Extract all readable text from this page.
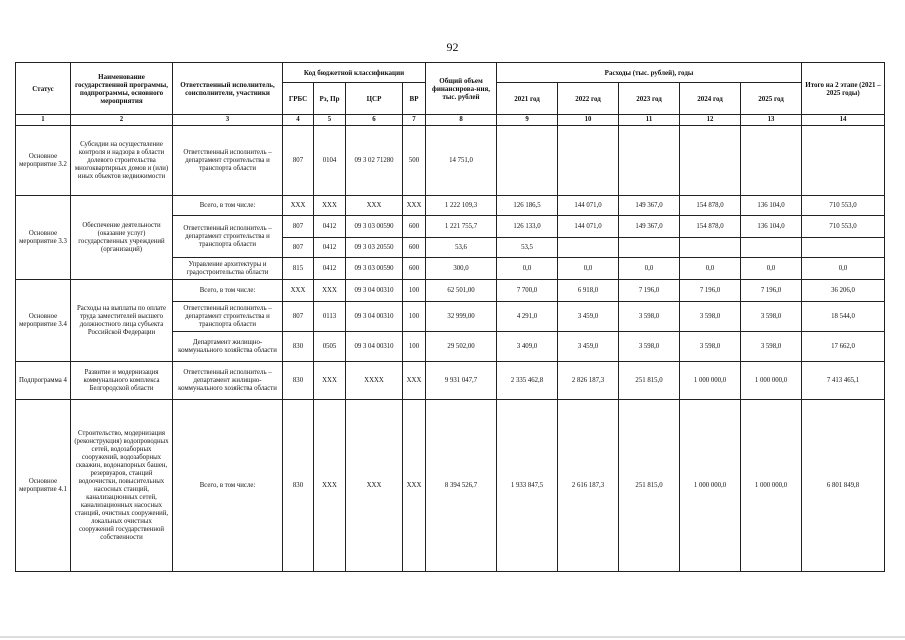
92
Статус	Наименование государственной программы, подпрограммы, основного мероприятия	Ответственный исполнитель, соисполнители, участники	Код бюджетной классификации				Общий объем финансирова-ния, тыс. рублей	Расходы (тыс. рублей), годы					Итого на 2 этапе (2021 – 2025 годы)
			ГРБС	Рз, Пр	ЦСР	ВР		2021 год	2022 год	2023 год	2024 год	2025 год	
1	2	3	4	5	6	7	8	9	10	11	12	13	14
Основное мероприятие 3.2	Субсидии на осуществление контроля и надзора в области долевого строительства многоквартирных домов и (или) иных объектов недвижимости	Ответственный исполнитель – департамент строительства и транспорта области	807	0104	09 3 02 71280	500	14 751,0						
Основное мероприятие 3.3	Обеспечение деятельности (оказание услуг) государственных учреждений (организаций)	Всего, в том числе:	ХХХ	ХХХ	ХХХ	ХХХ	1 222 109,3	126 186,5	144 071,0	149 367,0	154 878,0	136 104,0	710 553,0
		Ответственный исполнитель – департамент строительства и транспорта области	807	0412	09 3 03 00590	600	1 221 755,7	126 133,0	144 071,0	149 367,0	154 878,0	136 104,0	710 553,0
			807	0412	09 3 03 20550	600	53,6	53,5					
		Управление архитектуры и градостроительства области	815	0412	09 3 03 00590	600	300,0	0,0	0,0	0,0	0,0	0,0	0,0
Основное мероприятие 3.4	Расходы на выплаты по оплате труда заместителей высшего должностного лица субъекта Российской Федерации	Всего, в том числе:	ХХХ	ХХХ	09 3 04 00310	100	62 501,00	7 700,0	6 918,0	7 196,0	7 196,0	7 196,0	36 206,0
		Ответственный исполнитель – департамент строительства и транспорта области	807	0113	09 3 04 00310	100	32 999,00	4 291,0	3 459,0	3 598,0	3 598,0	3 598,0	18 544,0
		Департамент жилищно-коммунального хозяйства области	830	0505	09 3 04 00310	100	29 502,00	3 409,0	3 459,0	3 598,0	3 598,0	3 598,0	17 662,0
Подпрограмма 4	Развитие и модернизация коммунального комплекса Белгородской области	Ответственный исполнитель – департамент жилищно-коммунального хозяйства области	830	ХХХ	ХХХХ	ХХХ	9 931 047,7	2 335 462,8	2 826 187,3	251 815,0	1 000 000,0	1 000 000,0	7 413 465,1
Основное мероприятие 4.1	Строительство, модернизация (реконструкция) водопроводных сетей, водозаборных сооружений, водозаборных скважин, водонапорных башен, резервуаров, станций водоочистки, повысительных насосных станций, канализационных сетей, канализационных насосных станций, очистных сооружений, локальных очистных сооружений государственной собственности	Всего, в том числе:	830	ХХХ	ХХХ	ХХХ	8 394 526,7	1 933 847,5	2 616 187,3	251 815,0	1 000 000,0	1 000 000,0	6 801 849,8
